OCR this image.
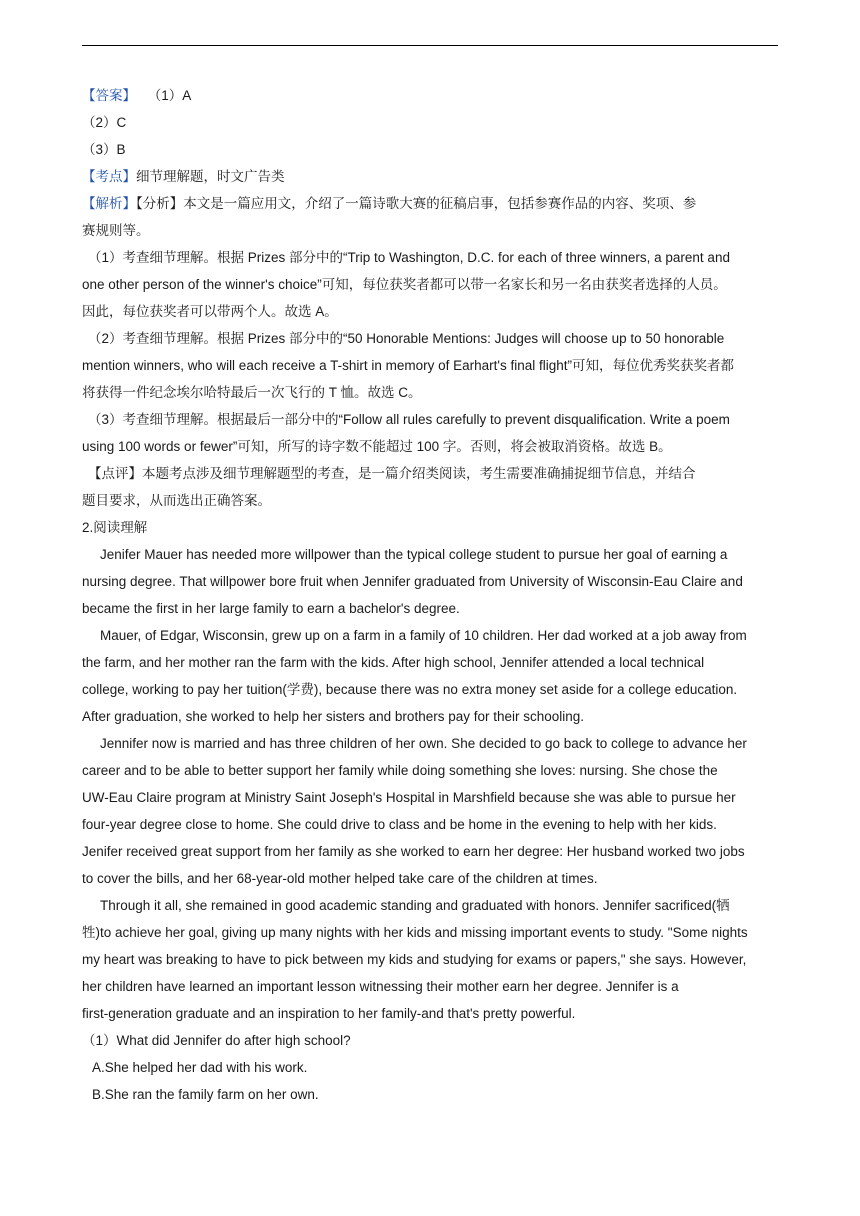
【答案】 （1）A
（2）C
（3）B
【考点】细节理解题，时文广告类
【解析】【分析】本文是一篇应用文，介绍了一篇诗歌大赛的征稿启事，包括参赛作品的内容、奖项、参
赛规则等。
（1）考查细节理解。根据 Prizes 部分中的“Trip to Washington, D.C. for each of three winners, a parent and
one other person of the winner's choice”可知，每位获奖者都可以带一名家长和另一名由获奖者选择的人员。
因此，每位获奖者可以带两个人。故选 A。
（2）考查细节理解。根据 Prizes 部分中的“50 Honorable Mentions: Judges will choose up to 50 honorable
mention winners, who will each receive a T-shirt in memory of Earhart's final flight”可知，每位优秀奖获奖者都
将获得一件纪念埃尔哈特最后一次飞行的 T 恤。故选 C。
（3）考查细节理解。根据最后一部分中的“Follow all rules carefully to prevent disqualification. Write a poem
using 100 words or fewer”可知，所写的诗字数不能超过 100 字。否则，将会被取消资格。故选 B。
【点评】本题考点涉及细节理解题型的考查，是一篇介绍类阅读，考生需要准确捕捉细节信息，并结合
题目要求，从而选出正确答案。
2.阅读理解
Jenifer Mauer has needed more willpower than the typical college student to pursue her goal of earning a
nursing degree. That willpower bore fruit when Jennifer graduated from University of Wisconsin-Eau Claire and
became the first in her large family to earn a bachelor's degree.
Mauer, of Edgar, Wisconsin, grew up on a farm in a family of 10 children. Her dad worked at a job away from
the farm, and her mother ran the farm with the kids. After high school, Jennifer attended a local technical
college, working to pay her tuition(学费), because there was no extra money set aside for a college education.
After graduation, she worked to help her sisters and brothers pay for their schooling.
Jennifer now is married and has three children of her own. She decided to go back to college to advance her
career and to be able to better support her family while doing something she loves: nursing. She chose the
UW-Eau Claire program at Ministry Saint Joseph's Hospital in Marshfield because she was able to pursue her
four-year degree close to home. She could drive to class and be home in the evening to help with her kids.
Jenifer received great support from her family as she worked to earn her degree: Her husband worked two jobs
to cover the bills, and her 68-year-old mother helped take care of the children at times.
Through it all, she remained in good academic standing and graduated with honors. Jennifer sacrificed(牺
牲)to achieve her goal, giving up many nights with her kids and missing important events to study. "Some nights
my heart was breaking to have to pick between my kids and studying for exams or papers," she says. However,
her children have learned an important lesson witnessing their mother earn her degree. Jennifer is a
first-generation graduate and an inspiration to her family-and that's pretty powerful.
（1）What did Jennifer do after high school?
A.She helped her dad with his work.
B.She ran the family farm on her own.
